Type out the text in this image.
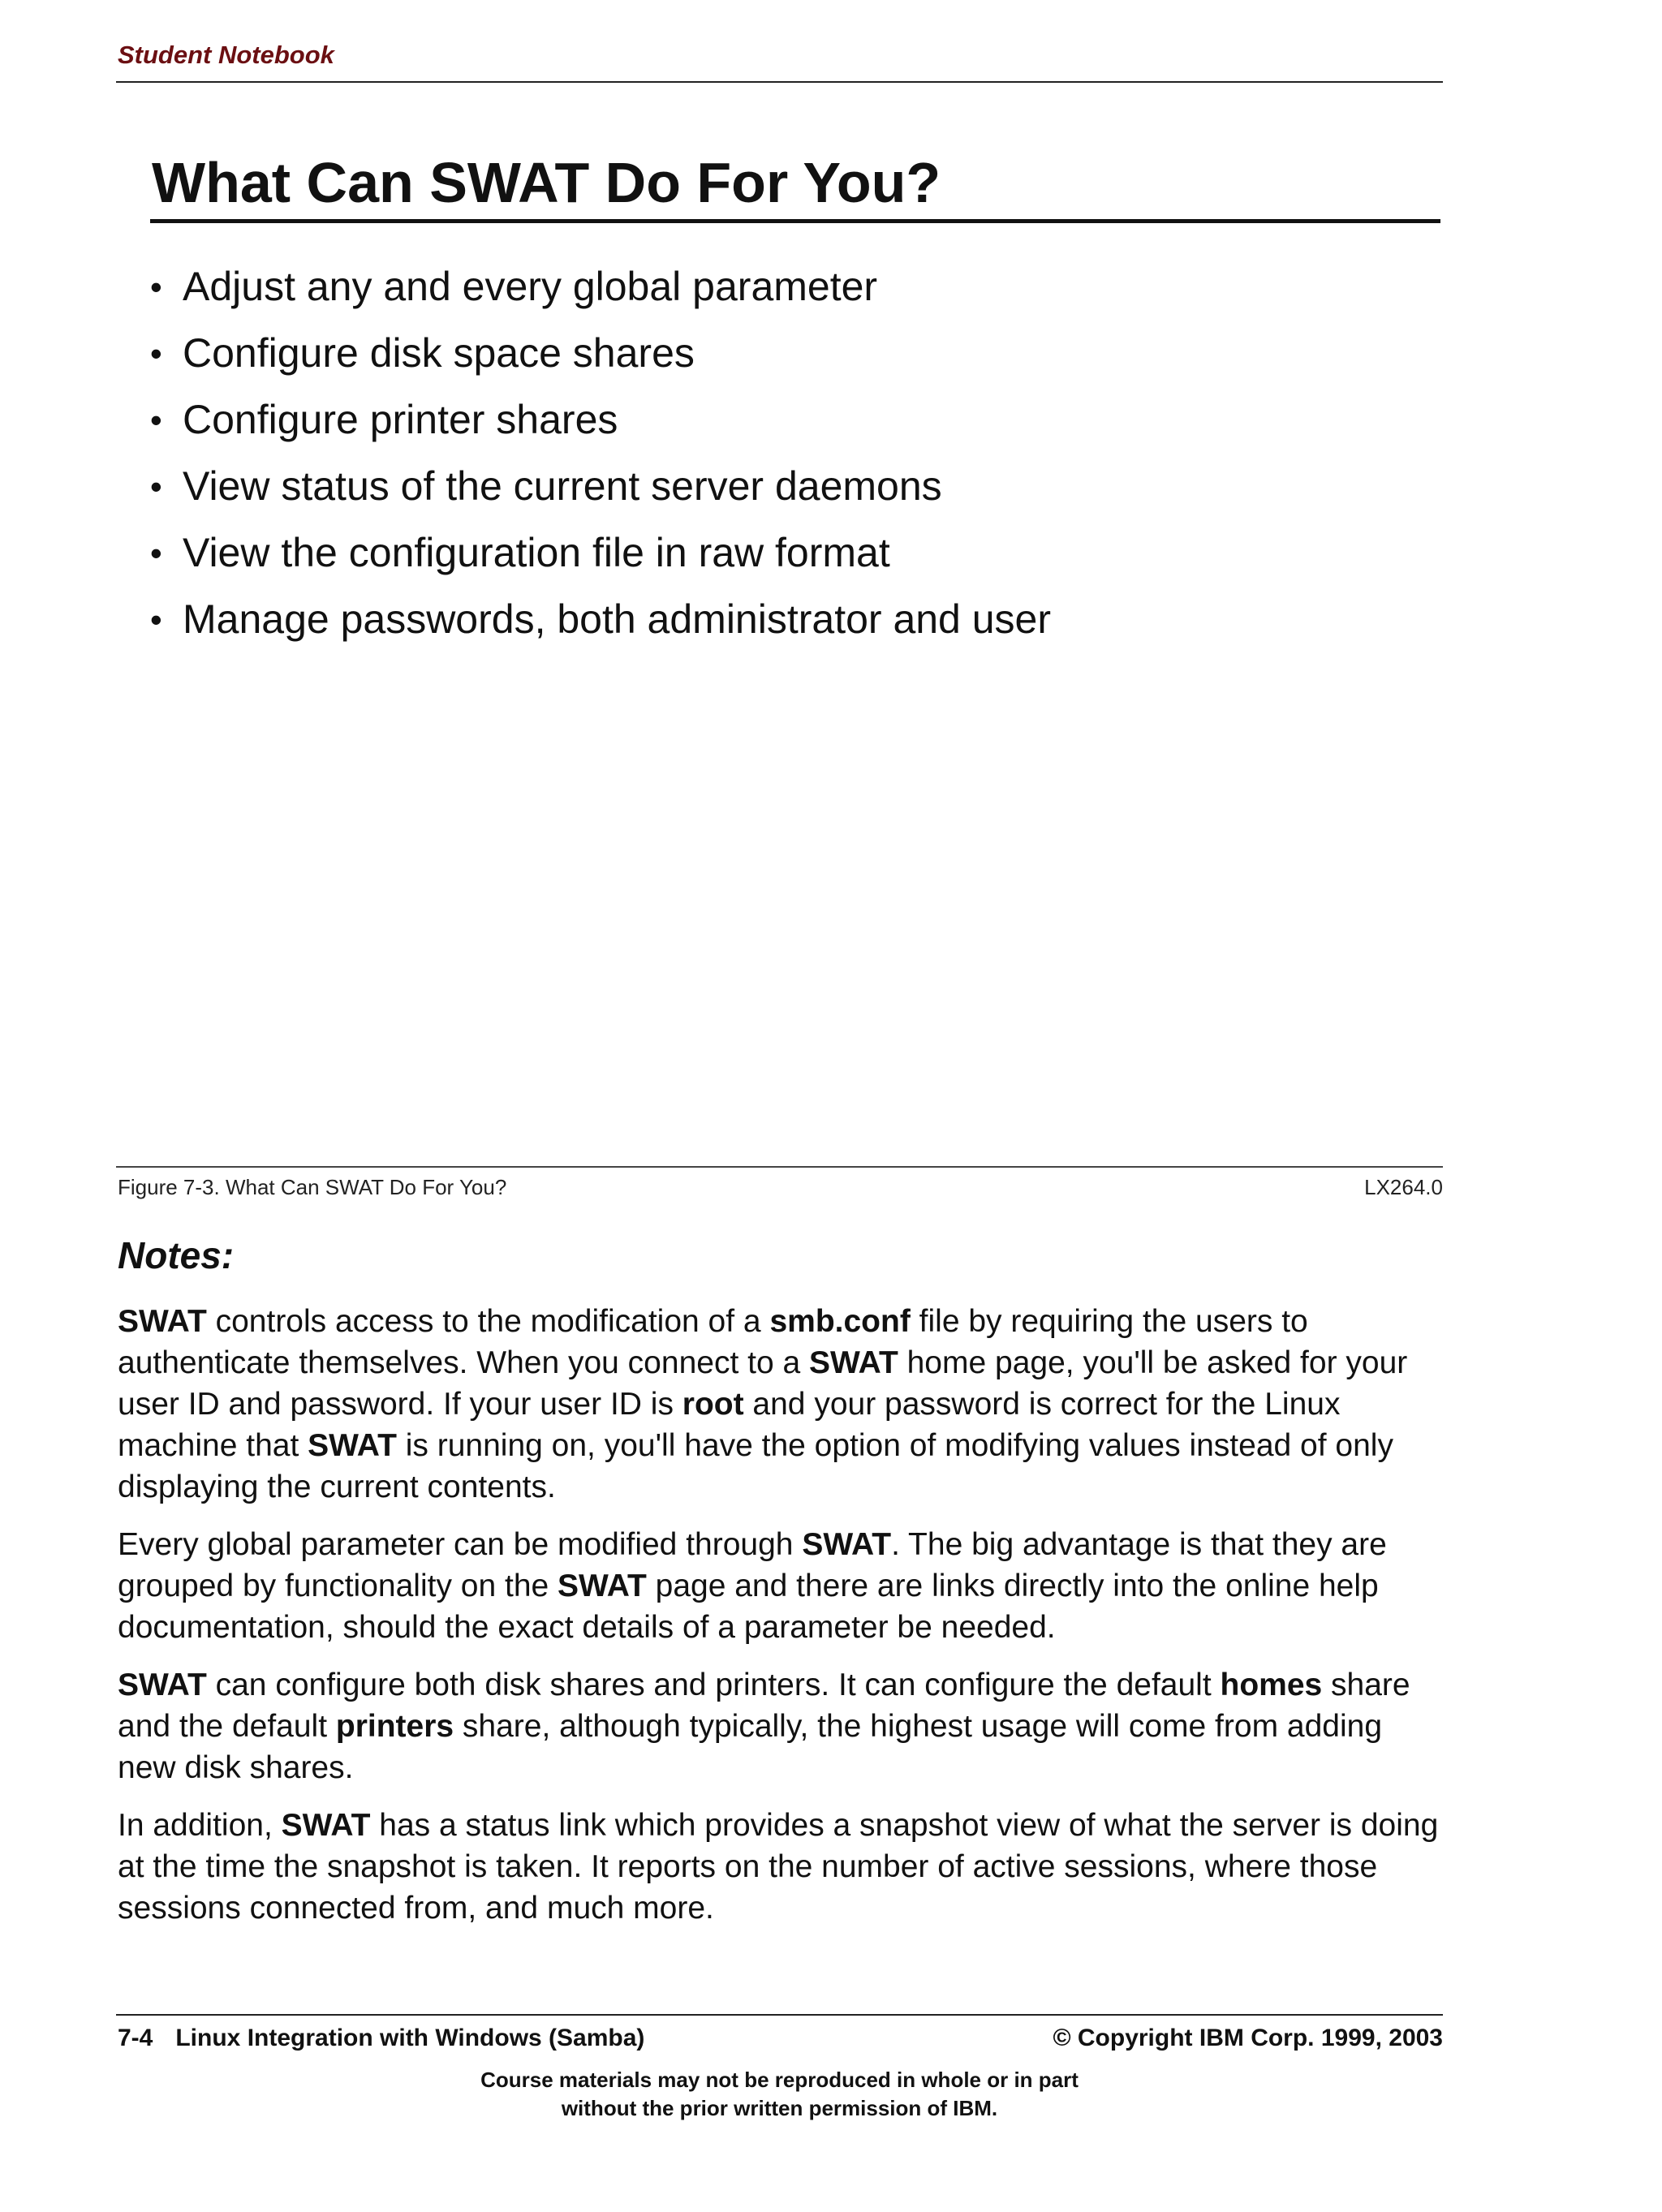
Student Notebook
What Can SWAT Do For You?
• Adjust any and every global parameter
• Configure disk space shares
• Configure printer shares
• View status of the current server daemons
• View the configuration file in raw format
• Manage passwords, both administrator and user
Figure 7-3. What Can SWAT Do For You?	LX264.0
Notes:

SWAT controls access to the modification of a smb.conf file by requiring the users to authenticate themselves. When you connect to a SWAT home page, you'll be asked for your user ID and password. If your user ID is root and your password is correct for the Linux machine that SWAT is running on, you'll have the option of modifying values instead of only displaying the current contents.

Every global parameter can be modified through SWAT. The big advantage is that they are grouped by functionality on the SWAT page and there are links directly into the online help documentation, should the exact details of a parameter be needed.

SWAT can configure both disk shares and printers. It can configure the default homes share and the default printers share, although typically, the highest usage will come from adding new disk shares.

In addition, SWAT has a status link which provides a snapshot view of what the server is doing at the time the snapshot is taken. It reports on the number of active sessions, where those sessions connected from, and much more.

7-4 Linux Integration with Windows (Samba)	© Copyright IBM Corp. 1999, 2003
Course materials may not be reproduced in whole or in part
without the prior written permission of IBM.
